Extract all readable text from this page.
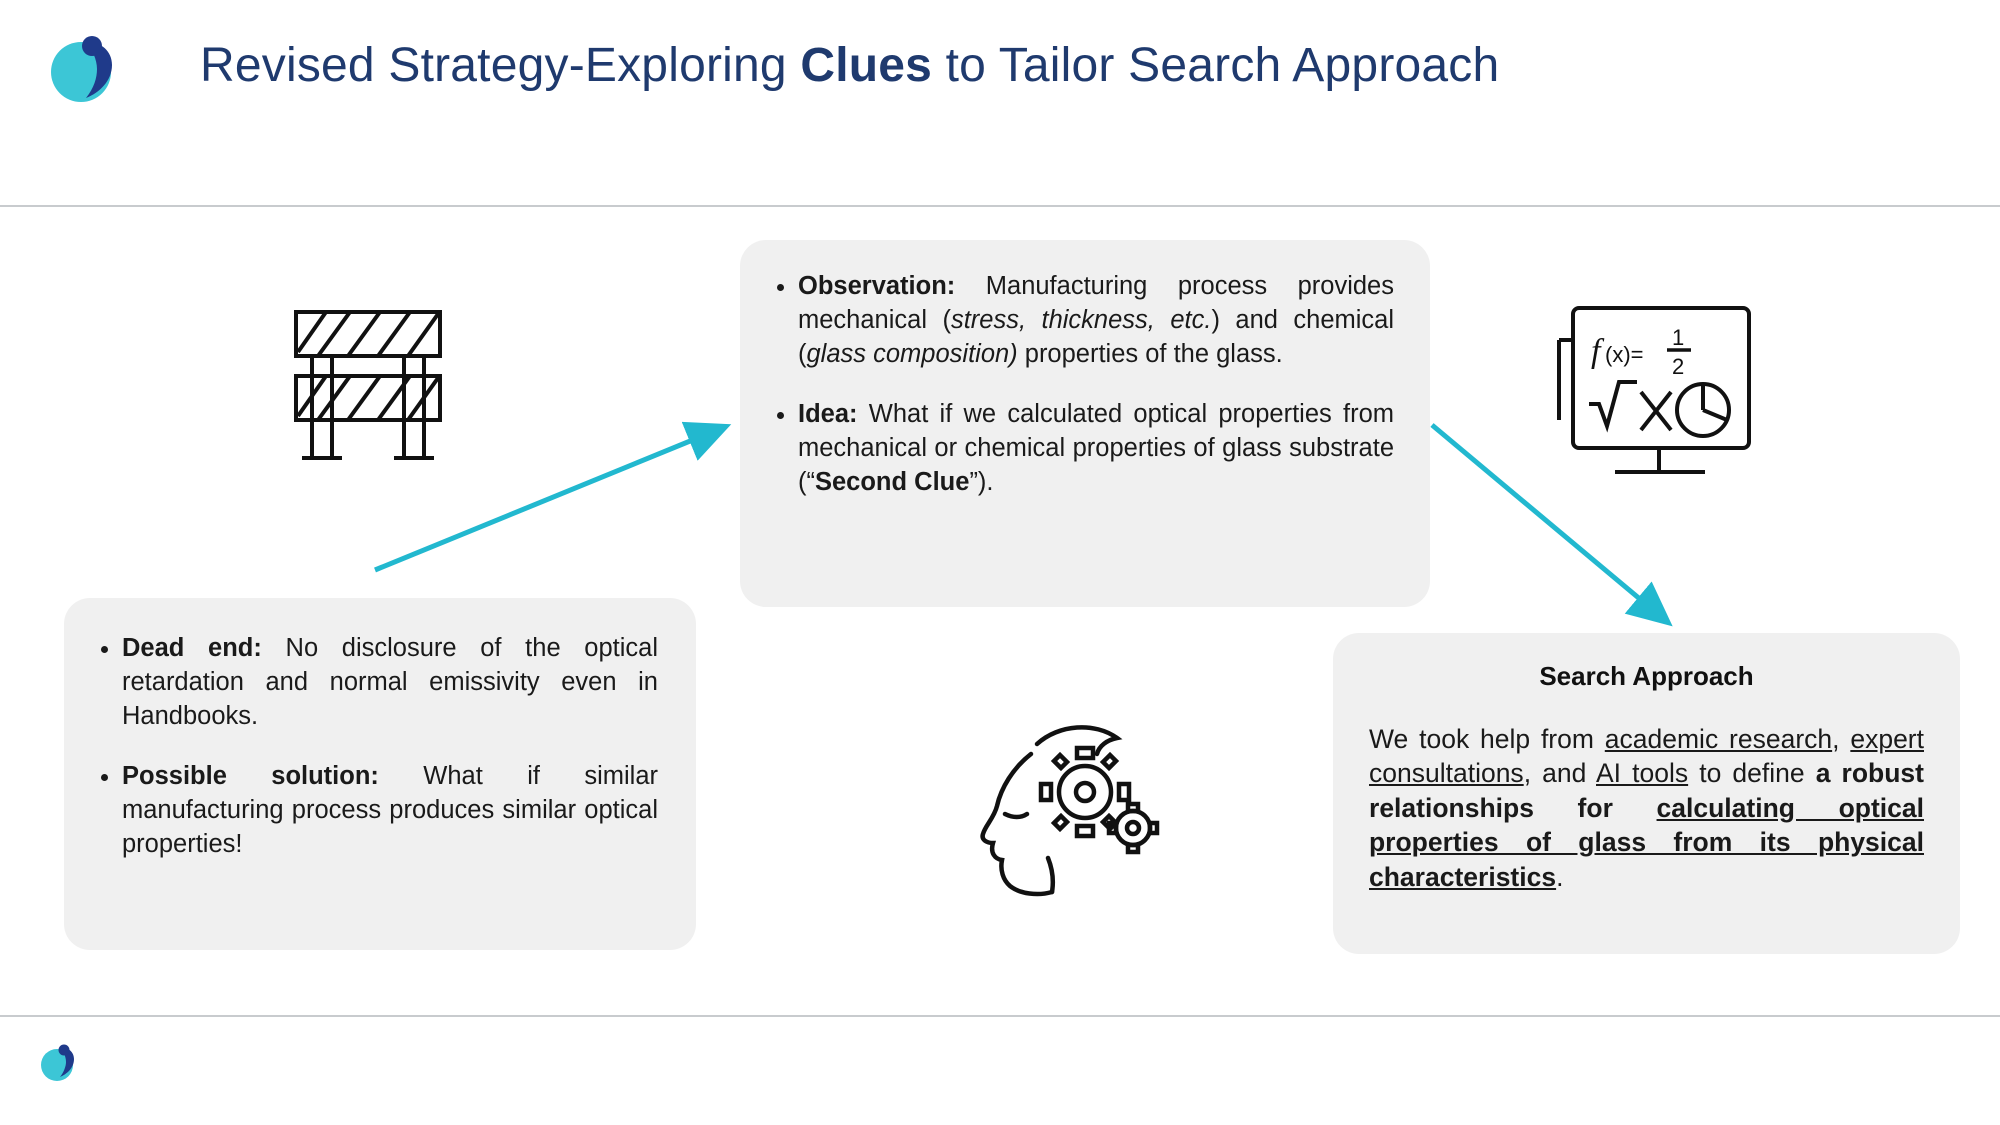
Revised Strategy-Exploring Clues to Tailor Search Approach
f (x)=
1
2
• Dead end: No disclosure of the optical retardation and normal emissivity even in Handbooks.
• Possible solution: What if similar manufacturing process produces similar optical properties!
• Observation: Manufacturing process provides mechanical (stress, thickness, etc.) and chemical (glass composition) properties of the glass.
• Idea: What if we calculated optical properties from mechanical or chemical properties of glass substrate (“Second Clue”).
Search Approach
We took help from academic research, expert consultations, and AI tools to define a robust relationships for calculating optical properties of glass from its physical characteristics.
